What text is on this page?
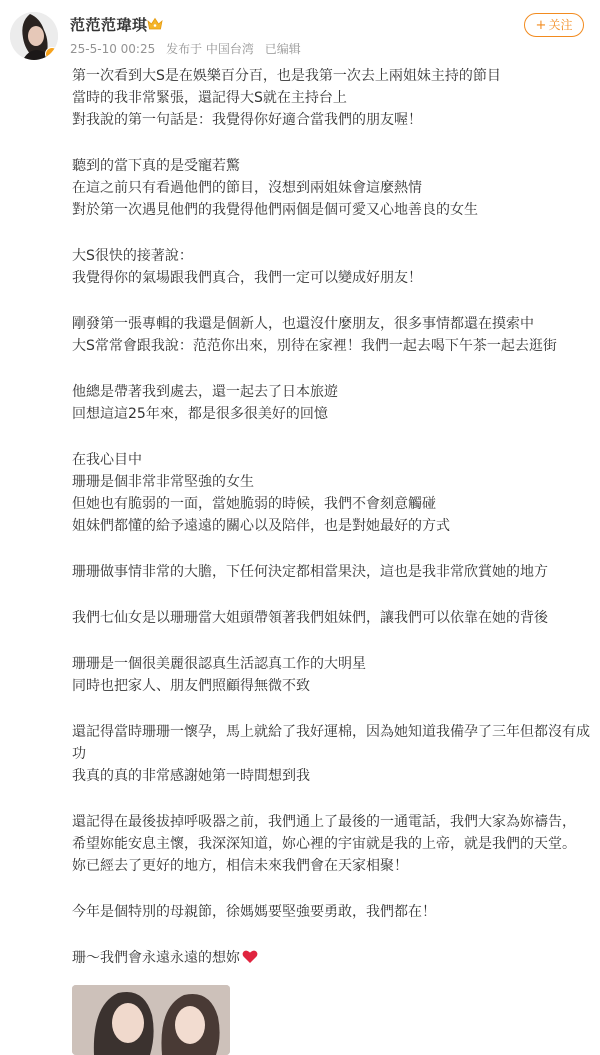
范范范瑋琪
25-5-10 00:25 发布于 中国台湾 已编辑
+ 关注

第一次看到大S是在娛樂百分百，也是我第一次去上兩姐妹主持的節目

當時的我非常緊張，還記得大S就在主持台上

對我說的第一句話是：我覺得你好適合當我們的朋友喔！

聽到的當下真的是受寵若驚

在這之前只有看過他們的節目，沒想到兩姐妹會這麼熱情

對於第一次遇見他們的我覺得他們兩個是個可愛又心地善良的女生

大S很快的接著說：

我覺得你的氣場跟我們真合，我們一定可以變成好朋友！

剛發第一張專輯的我還是個新人，也還沒什麼朋友，很多事情都還在摸索中

大S常常會跟我說：范范你出來，別待在家裡！我們一起去喝下午茶一起去逛街

他總是帶著我到處去，還一起去了日本旅遊

回想這這25年來，都是很多很美好的回憶

在我心目中

珊珊是個非常非常堅強的女生

但她也有脆弱的一面，當她脆弱的時候，我們不會刻意觸碰

姐妹們都懂的給予遠遠的關心以及陪伴，也是對她最好的方式

珊珊做事情非常的大膽，下任何決定都相當果決，這也是我非常欣賞她的地方

我們七仙女是以珊珊當大姐頭帶領著我們姐妹們，讓我們可以依靠在她的背後

珊珊是一個很美麗很認真生活認真工作的大明星

同時也把家人、朋友們照顧得無微不致

還記得當時珊珊一懷孕，馬上就給了我好運棉，因為她知道我備孕了三年但都沒有成功

我真的真的非常感謝她第一時間想到我

還記得在最後拔掉呼吸器之前，我們通上了最後的一通電話，我們大家為妳禱告，

希望妳能安息主懷，我深深知道，妳心裡的宇宙就是我的上帝，就是我們的天堂。

妳已經去了更好的地方，相信未來我們會在天家相聚！

今年是個特別的母親節，徐媽媽要堅強要勇敢，我們都在！

珊～我們會永遠永遠的想妳
